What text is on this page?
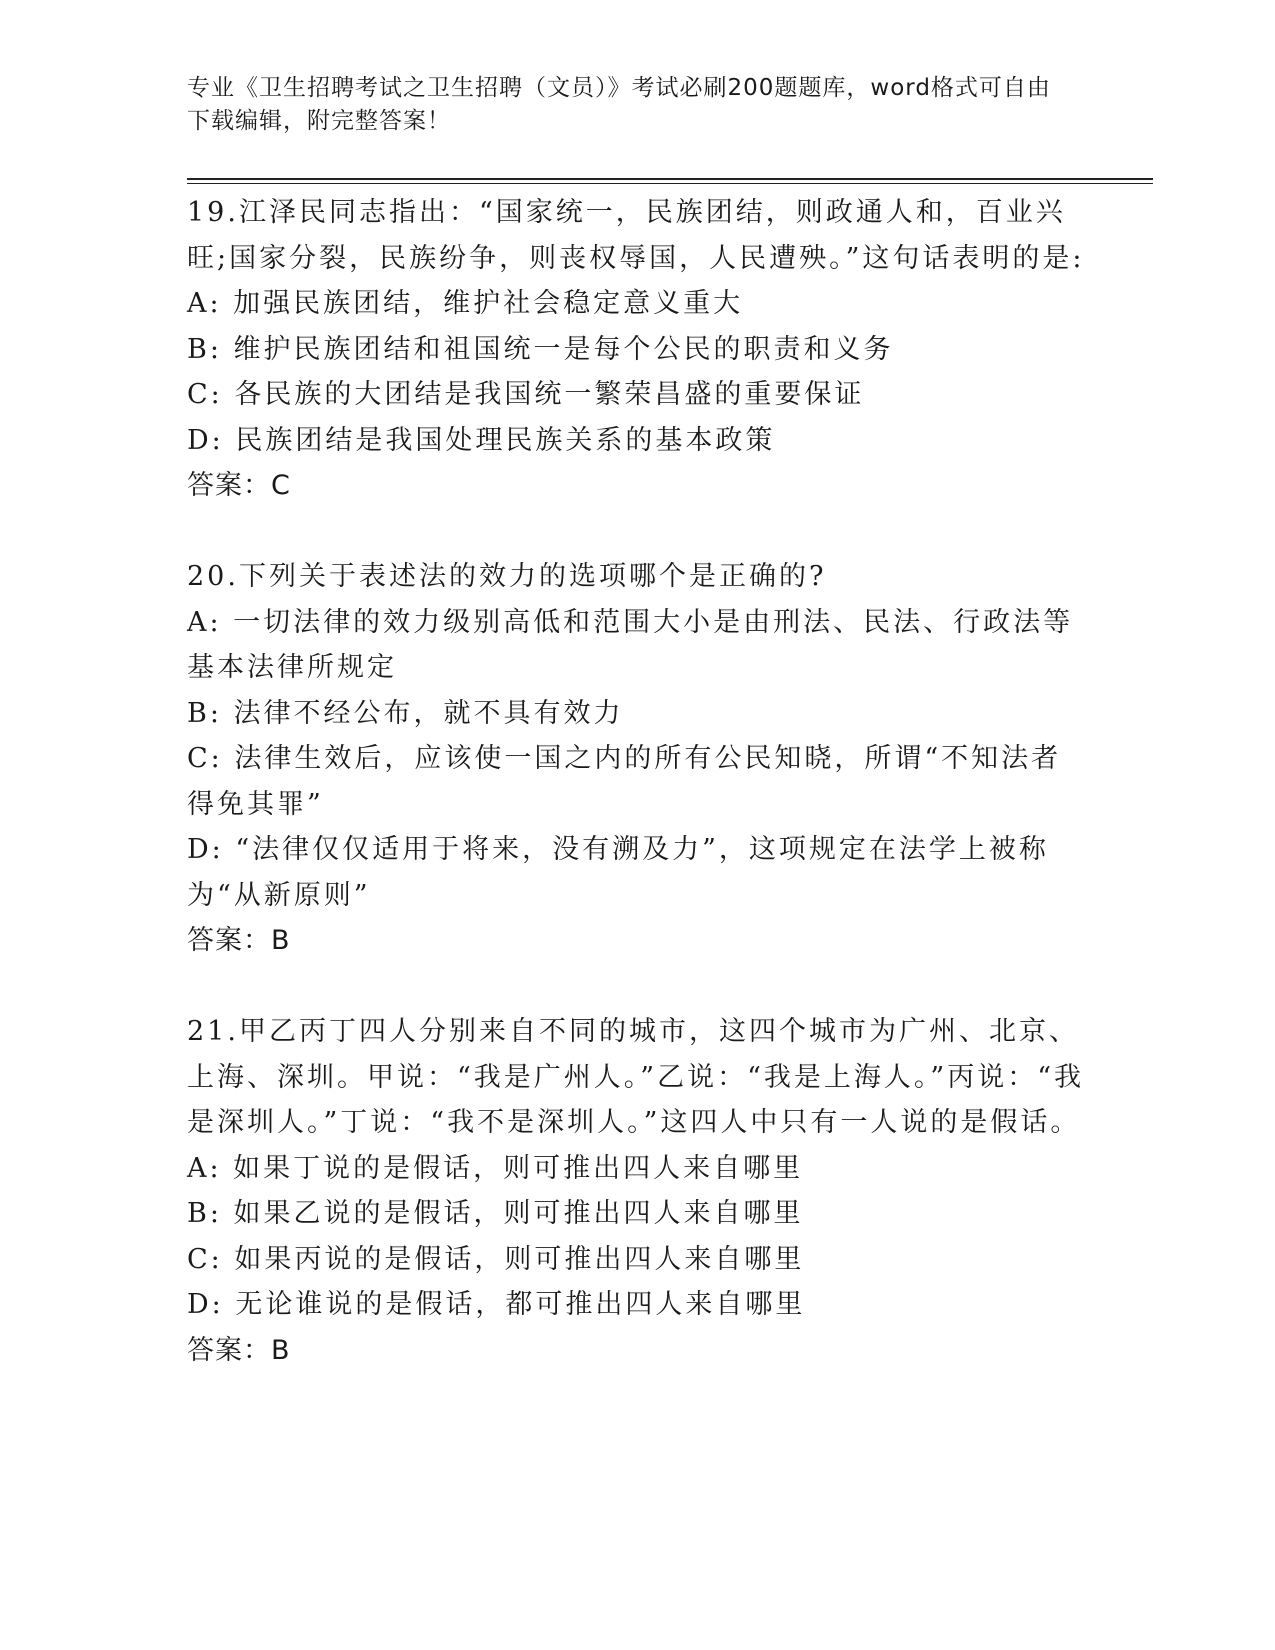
专业《卫生招聘考试之卫生招聘（文员）》考试必刷200题题库，word格式可自由下载编辑，附完整答案！

19.江泽民同志指出：“国家统一，民族团结，则政通人和，百业兴旺;国家分裂，民族纷争，则丧权辱国，人民遭殃。”这句话表明的是:

A: 加强民族团结，维护社会稳定意义重大

B: 维护民族团结和祖国统一是每个公民的职责和义务

C: 各民族的大团结是我国统一繁荣昌盛的重要保证

D: 民族团结是我国处理民族关系的基本政策

答案：C

20.下列关于表述法的效力的选项哪个是正确的?

A: 一切法律的效力级别高低和范围大小是由刑法、民法、行政法等基本法律所规定

B: 法律不经公布，就不具有效力

C: 法律生效后，应该使一国之内的所有公民知晓，所谓“不知法者得免其罪”

D: “法律仅仅适用于将来，没有溯及力”，这项规定在法学上被称为“从新原则”

答案：B

21.甲乙丙丁四人分别来自不同的城市，这四个城市为广州、北京、上海、深圳。甲说：“我是广州人。”乙说：“我是上海人。”丙说：“我是深圳人。”丁说：“我不是深圳人。”这四人中只有一人说的是假话。

A: 如果丁说的是假话，则可推出四人来自哪里

B: 如果乙说的是假话，则可推出四人来自哪里

C: 如果丙说的是假话，则可推出四人来自哪里

D: 无论谁说的是假话，都可推出四人来自哪里

答案：B
